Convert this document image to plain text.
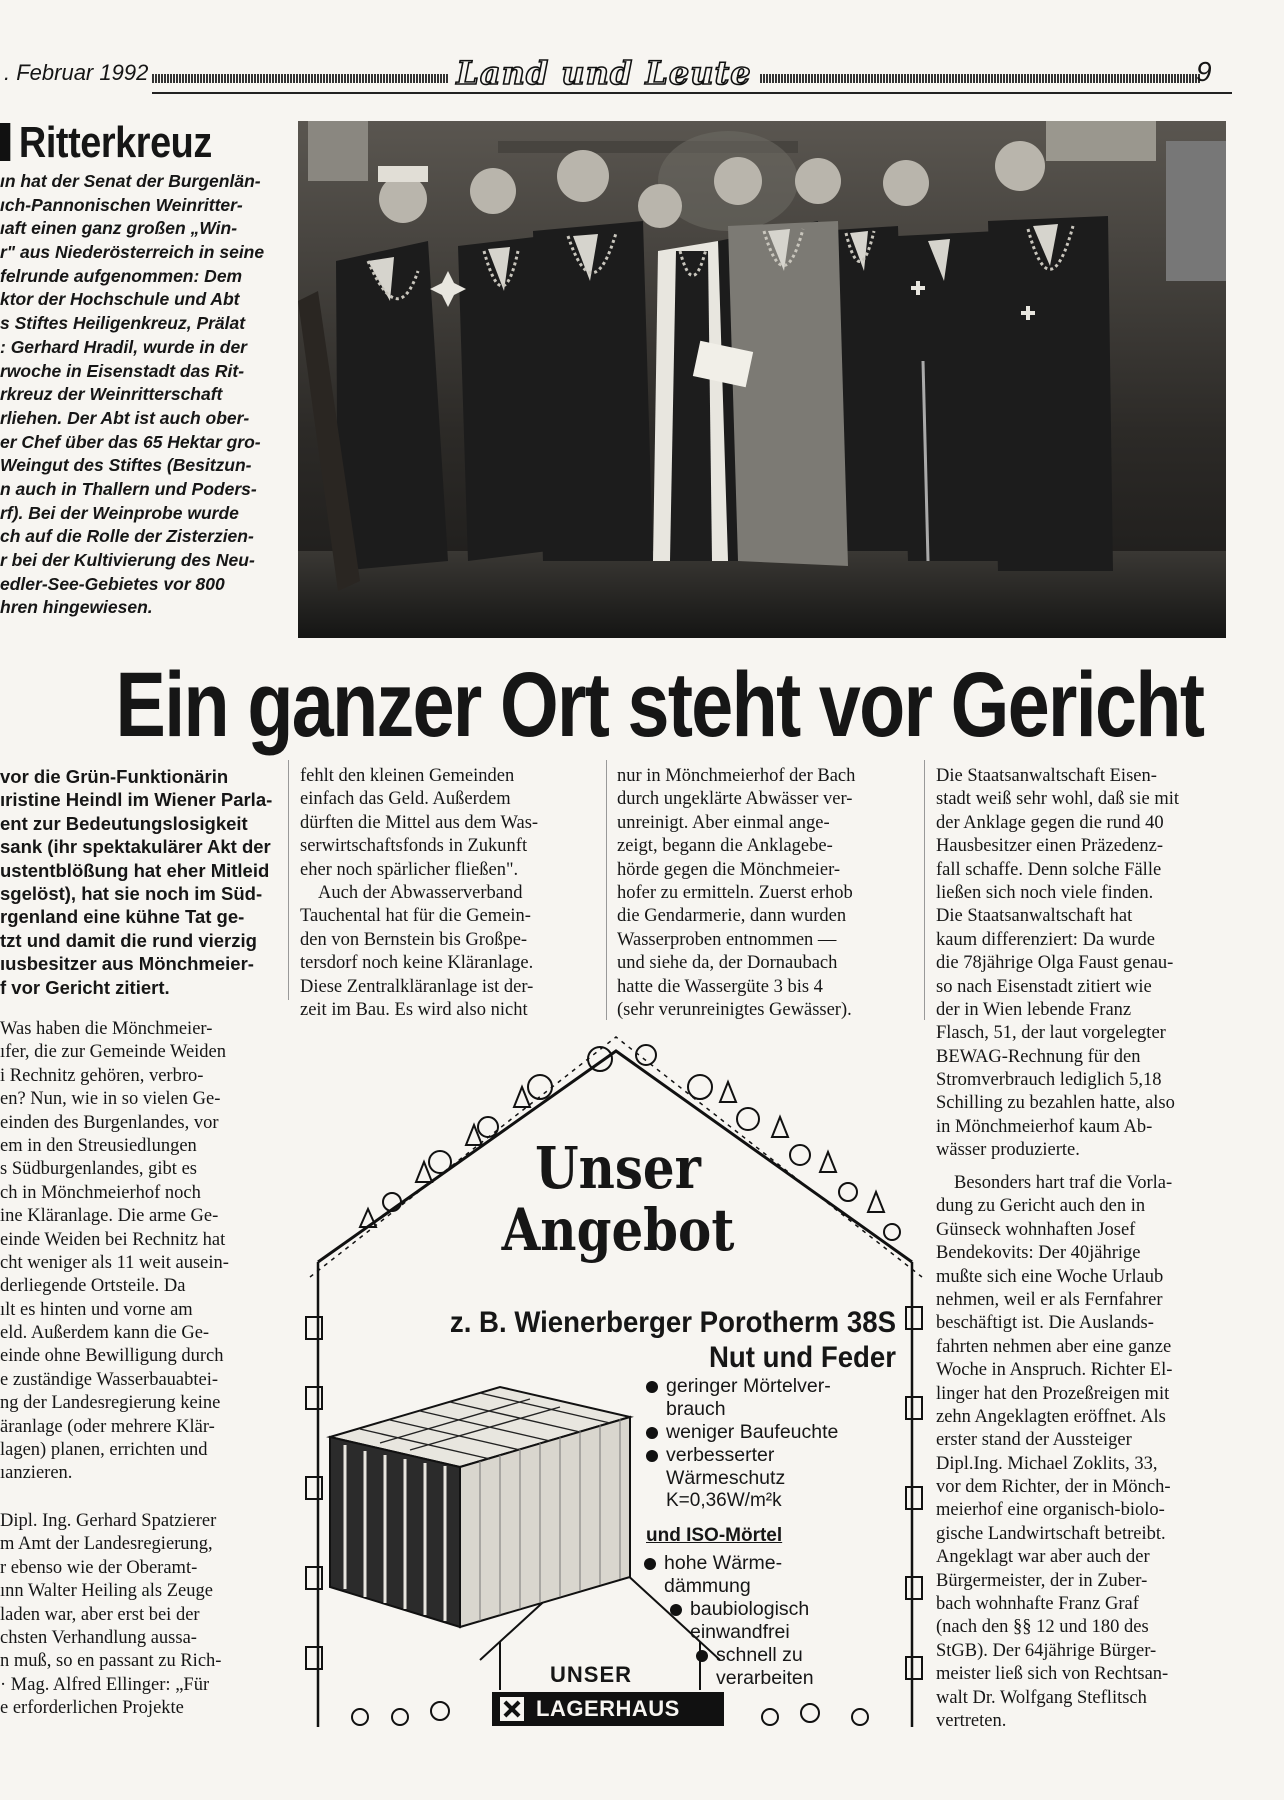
. Februar 1992	Land und Leute	9
Ritterkreuz
ın hat der Senat der Burgenlän-
ıch-Pannonischen Weinritter-
ıaft einen ganz großen „Win-
r" aus Niederösterreich in seine
felrunde aufgenommen: Dem
ktor der Hochschule und Abt
s Stiftes Heiligenkreuz, Prälat
: Gerhard Hradil, wurde in der
rwoche in Eisenstadt das Rit-
rkreuz der Weinritterschaft
rliehen. Der Abt ist auch ober-
er Chef über das 65 Hektar gro-
Weingut des Stiftes (Besitzun-
n auch in Thallern und Poders-
rf). Bei der Weinprobe wurde
ch auf die Rolle der Zisterzien-
r bei der Kultivierung des Neu-
edler-See-Gebietes vor 800
hren hingewiesen.
Ein ganzer Ort steht vor Gericht
vor die Grün-Funktionärin
ıristine Heindl im Wiener Parla-
ent zur Bedeutungslosigkeit
sank (ihr spektakulärer Akt der
ustentblößung hat eher Mitleid
sgelöst), hat sie noch im Süd-
rgenland eine kühne Tat ge-
tzt und damit die rund vierzig
ıusbesitzer aus Mönchmeier-
f vor Gericht zitiert.
Was haben die Mönchmeier-
ıfer, die zur Gemeinde Weiden
i Rechnitz gehören, verbro-
en? Nun, wie in so vielen Ge-
einden des Burgenlandes, vor
em in den Streusiedlungen
s Südburgenlandes, gibt es
ch in Mönchmeierhof noch
ine Kläranlage. Die arme Ge-
einde Weiden bei Rechnitz hat
cht weniger als 11 weit ausein-
derliegende Ortsteile. Da
ılt es hinten und vorne am
eld. Außerdem kann die Ge-
einde ohne Bewilligung durch
e zuständige Wasserbauabtei-
ng der Landesregierung keine
äranlage (oder mehrere Klär-
lagen) planen, errichten und
ıanzieren.
Dipl. Ing. Gerhard Spatzierer
m Amt der Landesregierung,
r ebenso wie der Oberamt-
ınn Walter Heiling als Zeuge
laden war, aber erst bei der
chsten Verhandlung aussa-
n muß, so en passant zu Rich-
· Mag. Alfred Ellinger: „Für
e erforderlichen Projekte
fehlt den kleinen Gemeinden
einfach das Geld. Außerdem
dürften die Mittel aus dem Was-
serwirtschaftsfonds in Zukunft
eher noch spärlicher fließen".
Auch der Abwasserverband
Tauchental hat für die Gemein-
den von Bernstein bis Großpe-
tersdorf noch keine Kläranlage.
Diese Zentralkläranlage ist der-
zeit im Bau. Es wird also nicht
nur in Mönchmeierhof der Bach
durch ungeklärte Abwässer ver-
unreinigt. Aber einmal ange-
zeigt, begann die Anklagebe-
hörde gegen die Mönchmeier-
hofer zu ermitteln. Zuerst erhob
die Gendarmerie, dann wurden
Wasserproben entnommen —
und siehe da, der Dornaubach
hatte die Wassergüte 3 bis 4
(sehr verunreinigtes Gewässer).
Die Staatsanwaltschaft Eisen-
stadt weiß sehr wohl, daß sie mit
der Anklage gegen die rund 40
Hausbesitzer einen Präzedenz-
fall schaffe. Denn solche Fälle
ließen sich noch viele finden.
Die Staatsanwaltschaft hat
kaum differenziert: Da wurde
die 78jährige Olga Faust genau-
so nach Eisenstadt zitiert wie
der in Wien lebende Franz
Flasch, 51, der laut vorgelegter
BEWAG-Rechnung für den
Stromverbrauch lediglich 5,18
Schilling zu bezahlen hatte, also
in Mönchmeierhof kaum Ab-
wässer produzierte.
Besonders hart traf die Vorla-
dung zu Gericht auch den in
Günseck wohnhaften Josef
Bendekovits: Der 40jährige
mußte sich eine Woche Urlaub
nehmen, weil er als Fernfahrer
beschäftigt ist. Die Auslands-
fahrten nehmen aber eine ganze
Woche in Anspruch. Richter El-
linger hat den Prozeßreigen mit
zehn Angeklagten eröffnet. Als
erster stand der Aussteiger
Dipl.Ing. Michael Zoklits, 33,
vor dem Richter, der in Mönch-
meierhof eine organisch-biolo-
gische Landwirtschaft betreibt.
Angeklagt war aber auch der
Bürgermeister, der in Zuber-
bach wohnhafte Franz Graf
(nach den §§ 12 und 180 des
StGB). Der 64jährige Bürger-
meister ließ sich von Rechtsan-
walt Dr. Wolfgang Steflitsch
vertreten.
Unser
Angebot
z. B. Wienerberger Porotherm 38S
Nut und Feder
geringer Mörtelver-
brauch
weniger Baufeuchte
verbesserter
Wärmeschutz
K=0,36W/m²k
und ISO-Mörtel
hohe Wärme-
dämmung
baubiologisch
einwandfrei
schnell zu
verarbeiten
UNSER
LAGERHAUS
